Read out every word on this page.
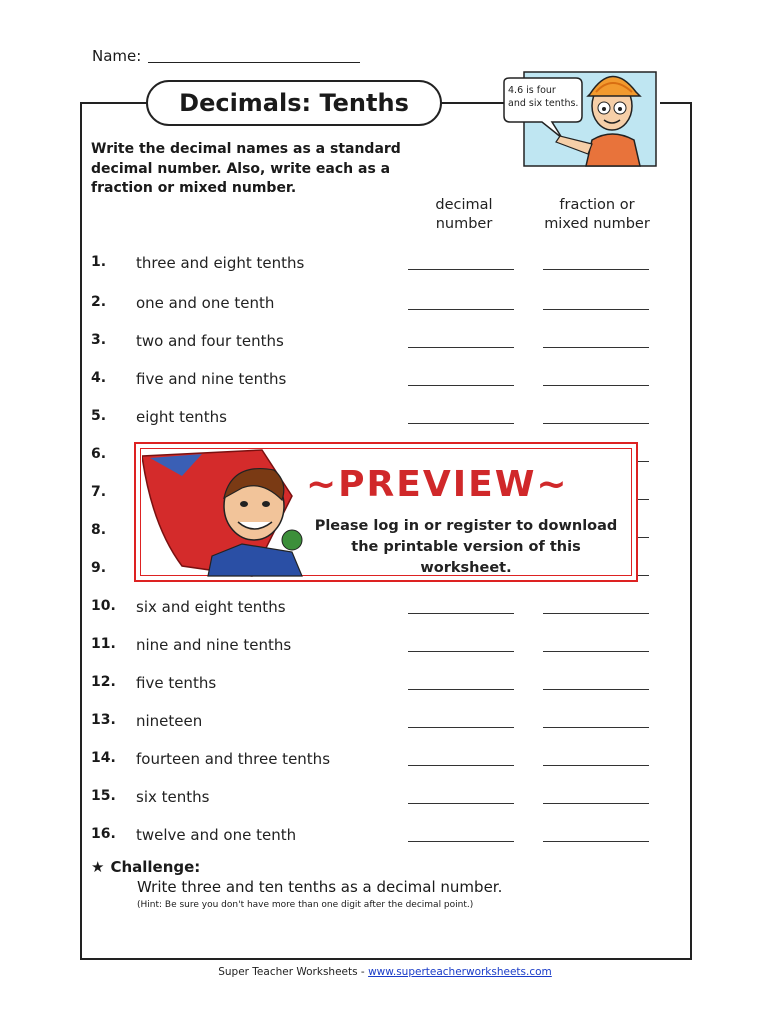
Name:
Decimals: Tenths	4.6 is four
and six tenths.
Write the decimal names as a standard decimal number. Also, write each as a fraction or mixed number.
decimal
number
fraction or
mixed number
1. three and eight tenths
2. one and one tenth
3. two and four tenths
4. five and nine tenths
5. eight tenths
6.
7.
8.
9.
10. six and eight tenths
11. nine and nine tenths
12. five tenths
13. nineteen
14. fourteen and three tenths
15. six tenths
16. twelve and one tenth
~PREVIEW~
Please log in or register to download
the printable version of this worksheet.
★ Challenge:
Write three and ten tenths as a decimal number.
(Hint: Be sure you don't have more than one digit after the decimal point.)
Super Teacher Worksheets - www.superteacherworksheets.com
